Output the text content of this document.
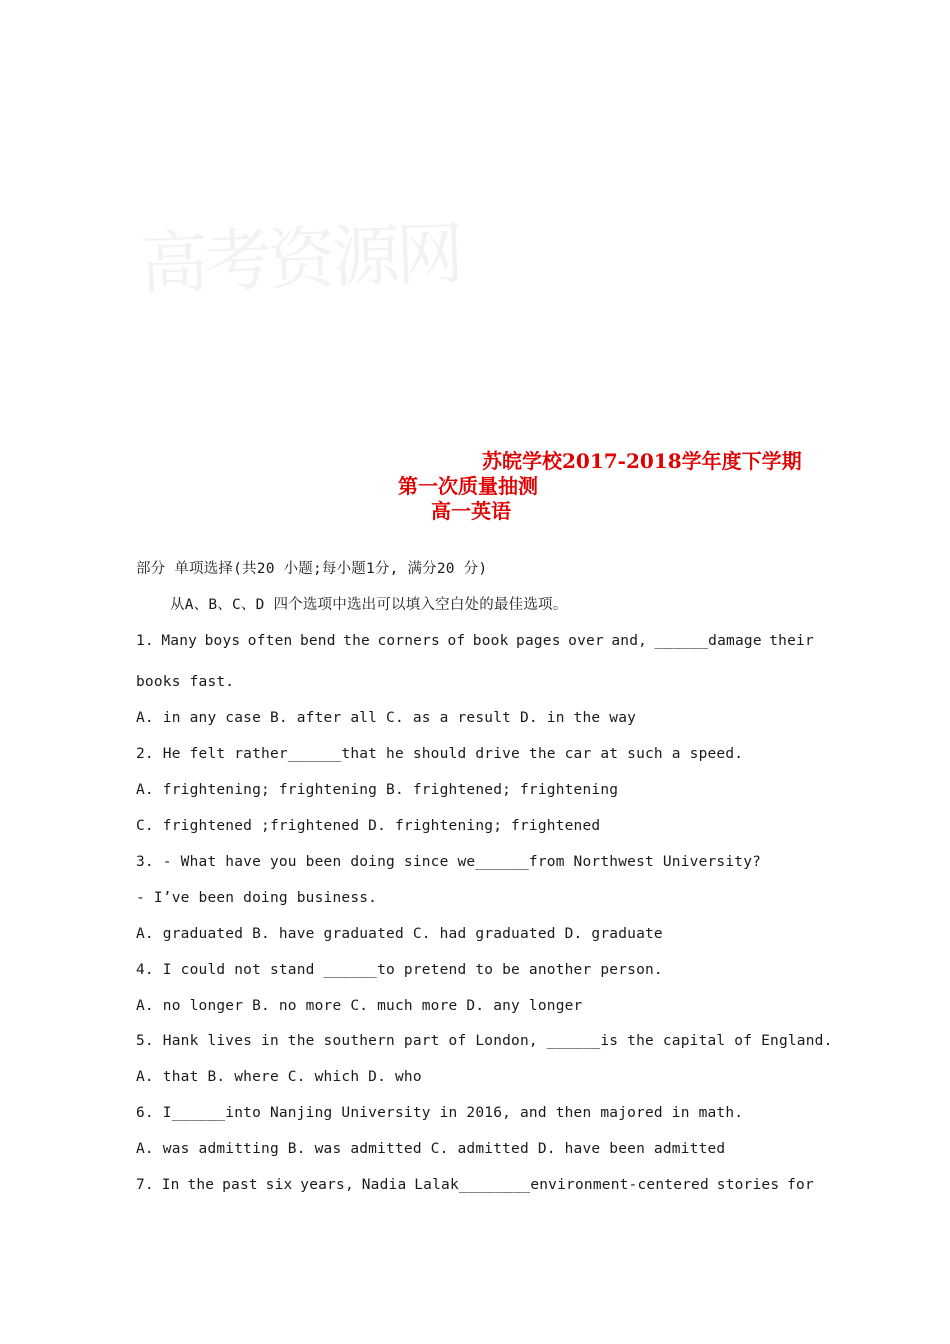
高考资源网
苏皖学校2017-2018学年度下学期
第一次质量抽测
高一英语
部分 单项选择(共20 小题;每小题1分, 满分20 分)
从A、B、C、D 四个选项中选出可以填入空白处的最佳选项。
1. Many boys often bend the corners of book pages over and, ______damage their
books fast.
A. in any case B. after all C. as a result D. in the way
2. He felt rather______that he should drive the car at such a speed.
A. frightening; frightening B. frightened; frightening
C. frightened ;frightened D. frightening; frightened
3. - What have you been doing since we______from Northwest University?
- I’ve been doing business.
A. graduated B. have graduated C. had graduated D. graduate
4. I could not stand ______to pretend to be another person.
A. no longer B. no more C. much more D. any longer
5. Hank lives in the southern part of London, ______is the capital of England.
A. that B. where C. which D. who
6. I______into Nanjing University in 2016, and then majored in math.
A. was admitting B. was admitted C. admitted D. have been admitted
7. In the past six years, Nadia Lalak________environment-centered stories for
